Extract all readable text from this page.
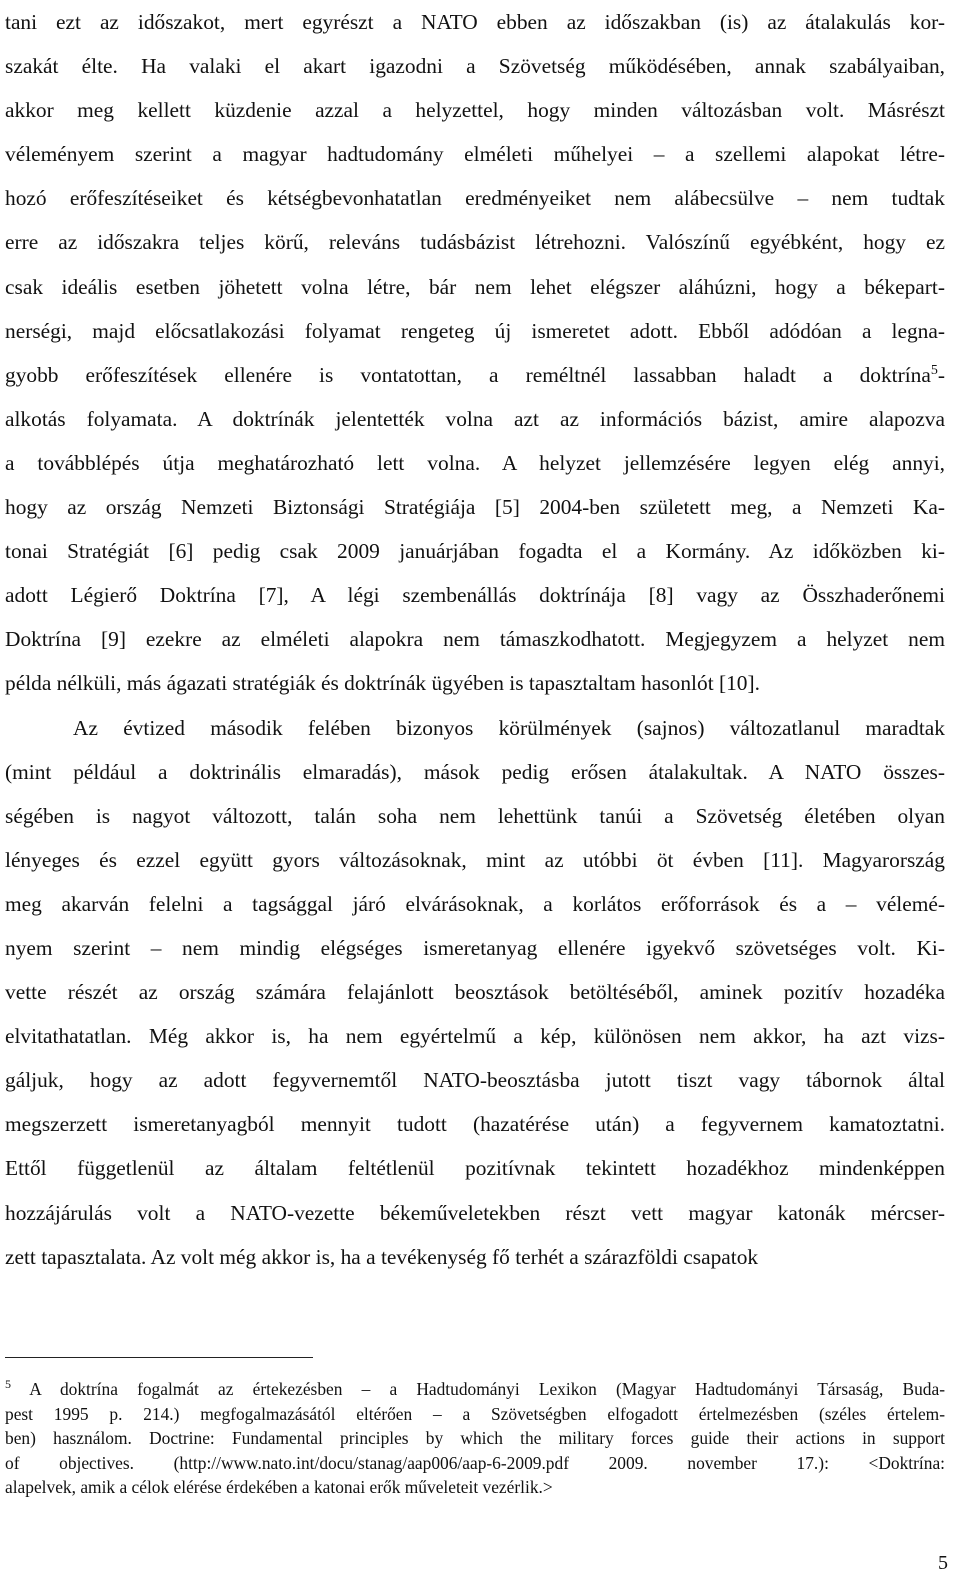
tani ezt az időszakot, mert egyrészt a NATO ebben az időszakban (is) az átalakulás kor-

szakát élte. Ha valaki el akart igazodni a Szövetség működésében, annak szabályaiban,

akkor meg kellett küzdenie azzal a helyzettel, hogy minden változásban volt. Másrészt

véleményem szerint a magyar hadtudomány elméleti műhelyei – a szellemi alapokat létre-

hozó erőfeszítéseiket és kétségbevonhatatlan eredményeiket nem alábecsülve – nem tudtak

erre az időszakra teljes körű, releváns tudásbázist létrehozni. Valószínű egyébként, hogy ez

csak ideális esetben jöhetett volna létre, bár nem lehet elégszer aláhúzni, hogy a békepart-

nerségi, majd előcsatlakozási folyamat rengeteg új ismeretet adott. Ebből adódóan a legna-

gyobb erőfeszítések ellenére is vontatottan, a reméltnél lassabban haladt a doktrína$^5$-

alkotás folyamata. A doktrínák jelentették volna azt az információs bázist, amire alapozva

a továbblépés útja meghatározható lett volna. A helyzet jellemzésére legyen elég annyi,

hogy az ország Nemzeti Biztonsági Stratégiája [5] 2004-ben született meg, a Nemzeti Ka-

tonai Stratégiát [6] pedig csak 2009 januárjában fogadta el a Kormány. Az időközben ki-

adott Légierő Doktrína [7], A légi szembenállás doktrínája [8] vagy az Összhaderőnemi

Doktrína [9] ezekre az elméleti alapokra nem támaszkodhatott. Megjegyzem a helyzet nem

példa nélküli, más ágazati stratégiák és doktrínák ügyében is tapasztaltam hasonlót [10].

Az évtized második felében bizonyos körülmények (sajnos) változatlanul maradtak

(mint például a doktrinális elmaradás), mások pedig erősen átalakultak. A NATO összes-

ségében is nagyot változott, talán soha nem lehettünk tanúi a Szövetség életében olyan

lényeges és ezzel együtt gyors változásoknak, mint az utóbbi öt évben [11]. Magyarország

meg akarván felelni a tagsággal járó elvárásoknak, a korlátos erőforrások és a – vélemé-

nyem szerint – nem mindig elégséges ismeretanyag ellenére igyekvő szövetséges volt. Ki-

vette részét az ország számára felajánlott beosztások betöltéséből, aminek pozitív hozadéka

elvitathatatlan. Még akkor is, ha nem egyértelmű a kép, különösen nem akkor, ha azt vizs-

gáljuk, hogy az adott fegyvernemtől NATO-beosztásba jutott tiszt vagy tábornok által

megszerzett ismeretanyagból mennyit tudott (hazatérése után) a fegyvernem kamatoztatni.

Ettől függetlenül az általam feltétlenül pozitívnak tekintett hozadékhoz mindenképpen

hozzájárulás volt a NATO-vezette békeműveletekben részt vett magyar katonák mércser-

zett tapasztalata. Az volt még akkor is, ha a tevékenység fő terhét a szárazföldi csapatok

$^5$ A doktrína fogalmát az értekezésben – a Hadtudományi Lexikon (Magyar Hadtudományi Társaság, Buda-

pest 1995 p. 214.) megfogalmazásától eltérően – a Szövetségben elfogadott értelmezésben (széles értelem-

ben) használom. Doctrine: Fundamental principles by which the military forces guide their actions in support

of objectives. (http://www.nato.int/docu/stanag/aap006/aap-6-2009.pdf 2009. november 17.): <Doktrína:

alapelvek, amik a célok elérése érdekében a katonai erők műveleteit vezérlik.>

5
